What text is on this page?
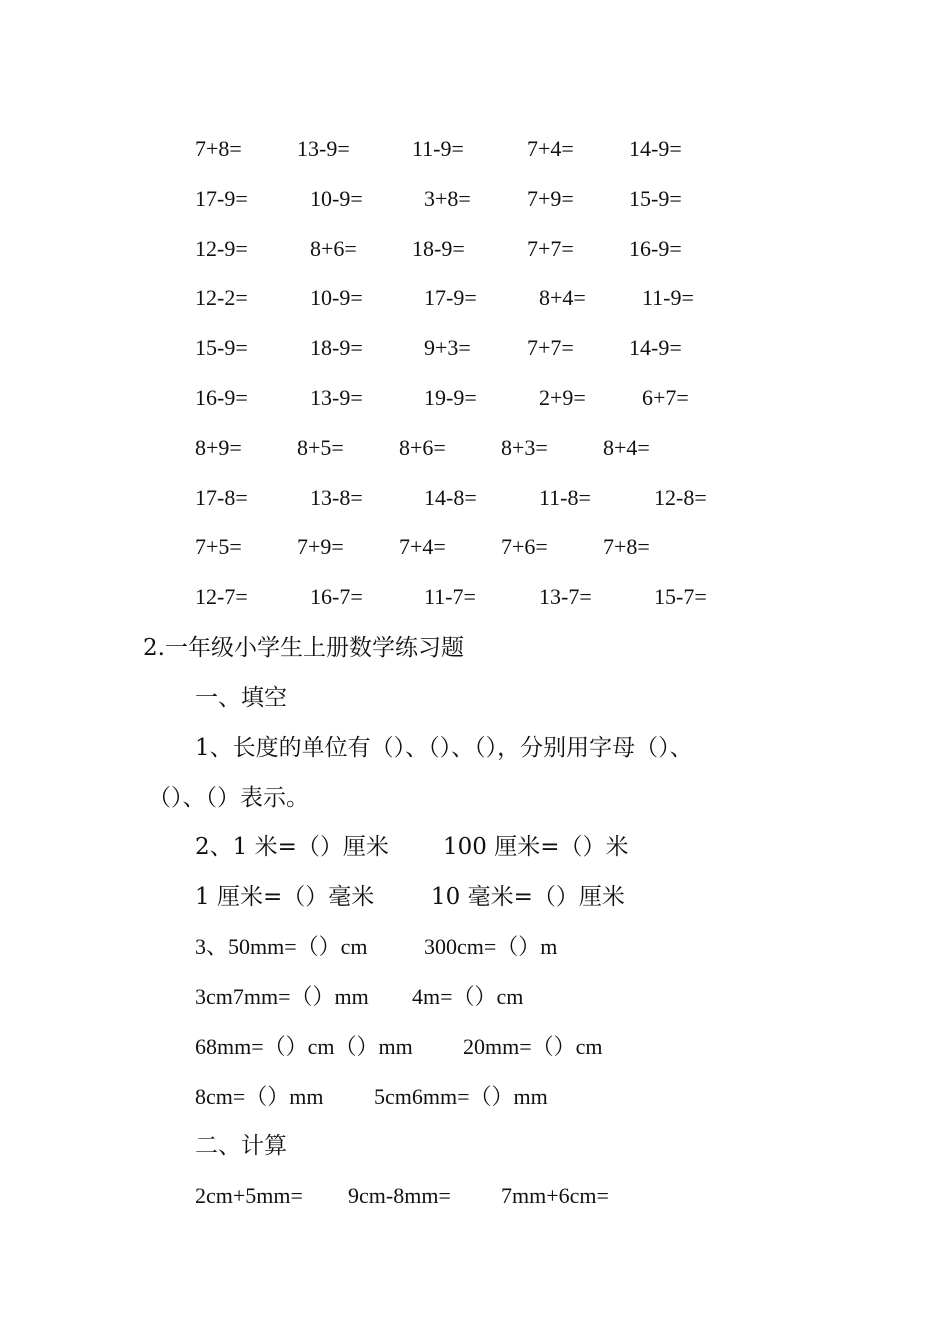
7+8=	13-9=	11-9=	7+4=	14-9=
17-9=	10-9=	3+8=	7+9=	15-9=
12-9=	8+6=	18-9=	7+7=	16-9=
12-2=	10-9=	17-9=	8+4=	11-9=
15-9=	18-9=	9+3=	7+7=	14-9=
16-9=	13-9=	19-9=	2+9=	6+7=
8+9=	8+5=	8+6=	8+3=	8+4=
17-8=	13-8=	14-8=	11-8=	12-8=
7+5=	7+9=	7+4=	7+6=	7+8=
12-7=	16-7=	11-7=	13-7=	15-7=
2.一年级小学生上册数学练习题
一、填空
1、长度的单位有（）、（）、（），分别用字母（）、
（）、（）表示。
2、1 米=（）厘米 100 厘米=（）米
1 厘米=（）毫米 10 毫米=（）厘米
3、50mm=（）cm	300cm=（）m
3cm7mm=（）mm 4m=（）cm
68mm=（）cm（）mm 20mm=（）cm
8cm=（）mm 5cm6mm=（）mm
二、计算
2cm+5mm= 9cm-8mm= 7mm+6cm=
